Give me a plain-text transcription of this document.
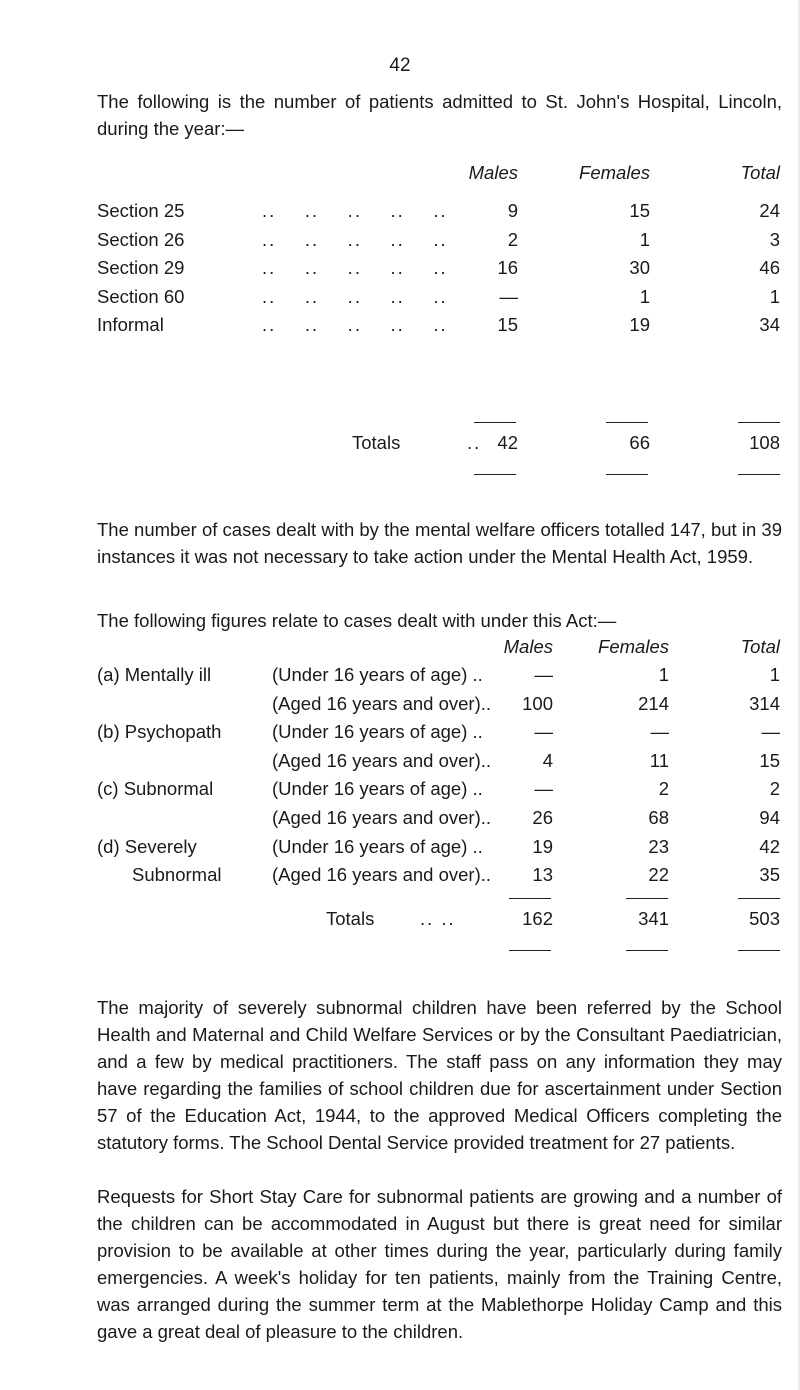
42

The following is the number of patients admitted to St. John's Hospital, Lincoln, during the year:—

Males	Females	Total
Section 25	..    ..    ..    ..    ..	9	15	24
Section 26	..    ..    ..    ..    ..	2	1	3
Section 29	..    ..    ..    ..    ..	16	30	46
Section 60	..    ..    ..    ..    ..	—	1	1
Informal	..    ..    ..    ..    ..	15	19	34
Totals	.. 42	66	108

The number of cases dealt with by the mental welfare officers totalled 147, but in 39 instances it was not necessary to take action under the Mental Health Act, 1959.

The following figures relate to cases dealt with under this Act:—

Males Females	Total
(a) Mentally ill	(Under 16 years of age) ..	—	1	1
(Aged 16 years and over).. 100	214	314
(b) Psychopath	(Under 16 years of age) ..	—	—	—
(Aged 16 years and over)..	4	11	15
(c) Subnormal	(Under 16 years of age) ..	—	2	2
(Aged 16 years and over).. 26	68	94
(d) Severely	(Under 16 years of age) ..	19	23	42
Subnormal	(Aged 16 years and over).. 13	22	35
Totals .. ..	162	341	503

The majority of severely subnormal children have been referred by the School Health and Maternal and Child Welfare Services or by the Consultant Paediatrician, and a few by medical practitioners. The staff pass on any information they may have regarding the families of school children due for ascertainment under Section 57 of the Education Act, 1944, to the approved Medical Officers completing the statutory forms. The School Dental Service provided treatment for 27 patients.

Requests for Short Stay Care for subnormal patients are growing and a number of the children can be accommodated in August but there is great need for similar provision to be available at other times during the year, particularly during family emergencies. A week's holiday for ten patients, mainly from the Training Centre, was arranged during the summer term at the Mablethorpe Holiday Camp and this gave a great deal of pleasure to the children.
